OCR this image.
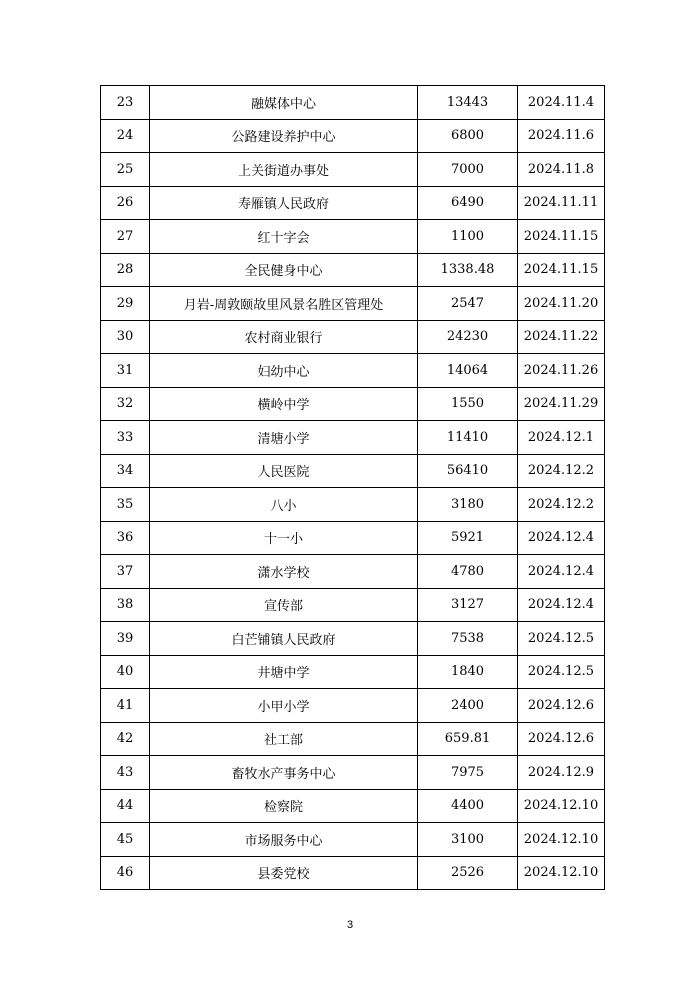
23	融媒体中心	13443	2024.11.4
24	公路建设养护中心	6800	2024.11.6
25	上关街道办事处	7000	2024.11.8
26	寿雁镇人民政府	6490	2024.11.11
27	红十字会	1100	2024.11.15
28	全民健身中心	1338.48	2024.11.15
29	月岩-周敦颐故里风景名胜区管理处	2547	2024.11.20
30	农村商业银行	24230	2024.11.22
31	妇幼中心	14064	2024.11.26
32	横岭中学	1550	2024.11.29
33	清塘小学	11410	2024.12.1
34	人民医院	56410	2024.12.2
35	八小	3180	2024.12.2
36	十一小	5921	2024.12.4
37	潇水学校	4780	2024.12.4
38	宣传部	3127	2024.12.4
39	白芒铺镇人民政府	7538	2024.12.5
40	井塘中学	1840	2024.12.5
41	小甲小学	2400	2024.12.6
42	社工部	659.81	2024.12.6
43	畜牧水产事务中心	7975	2024.12.9
44	检察院	4400	2024.12.10
45	市场服务中心	3100	2024.12.10
46	县委党校	2526	2024.12.10
3
